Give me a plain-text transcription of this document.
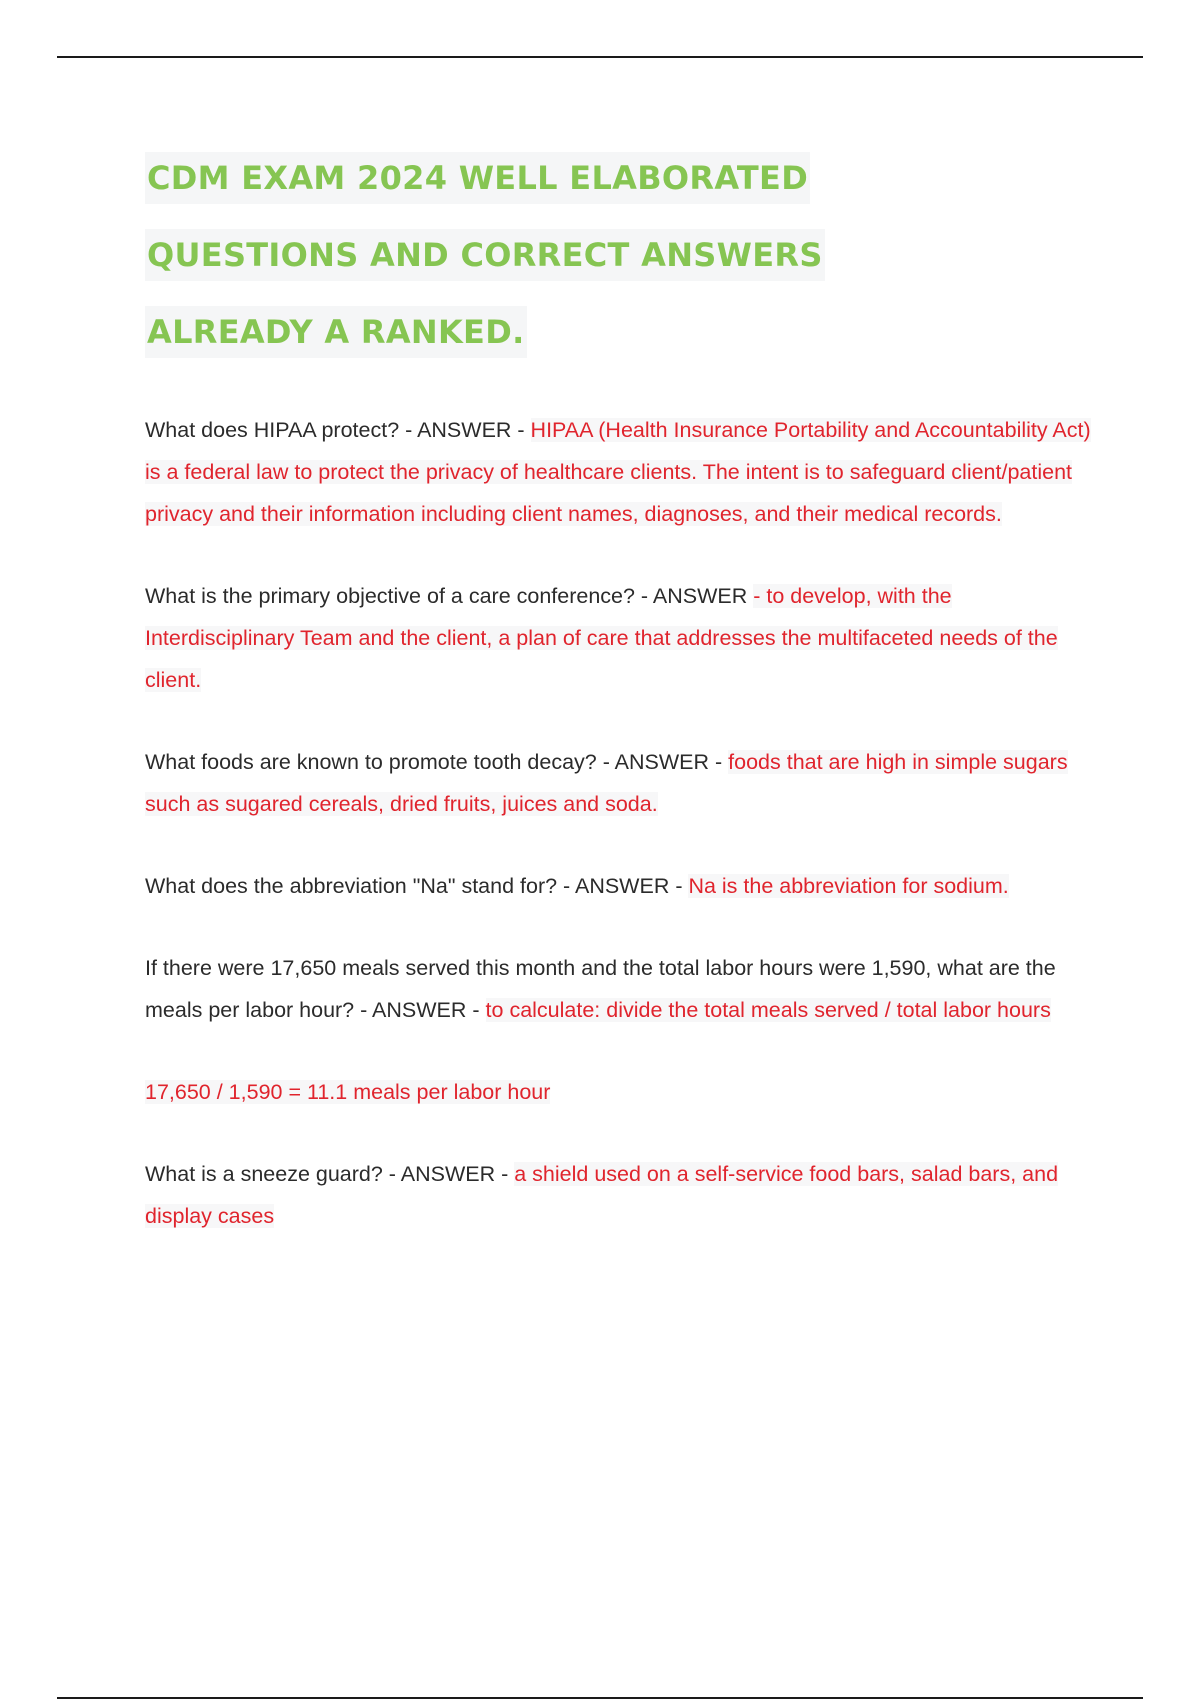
CDM EXAM 2024 WELL ELABORATED
QUESTIONS AND CORRECT ANSWERS
ALREADY A RANKED.

What does HIPAA protect? - ANSWER - HIPAA (Health Insurance Portability and Accountability Act) is a federal law to protect the privacy of healthcare clients. The intent is to safeguard client/patient privacy and their information including client names, diagnoses, and their medical records.

What is the primary objective of a care conference? - ANSWER - to develop, with the Interdisciplinary Team and the client, a plan of care that addresses the multifaceted needs of the client.

What foods are known to promote tooth decay? - ANSWER - foods that are high in simple sugars such as sugared cereals, dried fruits, juices and soda.

What does the abbreviation "Na" stand for? - ANSWER - Na is the abbreviation for sodium.

If there were 17,650 meals served this month and the total labor hours were 1,590, what are the meals per labor hour? - ANSWER - to calculate: divide the total meals served / total labor hours

17,650 / 1,590 = 11.1 meals per labor hour

What is a sneeze guard? - ANSWER - a shield used on a self-service food bars, salad bars, and display cases
